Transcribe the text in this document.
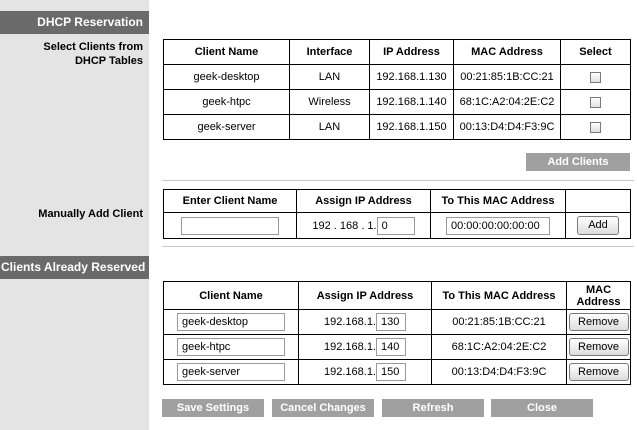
DHCP Reservation
Select Clients from DHCP Tables
Client Name	Interface	IP Address	MAC Address	Select
geek-desktop	LAN	192.168.1.130	00:21:85:1B:CC:21	
geek-htpc	Wireless	192.168.1.140	68:1C:A2:04:2E:C2	
geek-server	LAN	192.168.1.150	00:13:D4:D4:F3:9C	
Add Clients
Manually Add Client
Enter Client Name	Assign IP Address	To This MAC Address	
	192 . 168 . 1. 0	00:00:00:00:00:00	Add
Clients Already Reserved
Client Name	Assign IP Address	To This MAC Address	MAC Address
geek-desktop	192.168.1. 130	00:21:85:1B:CC:21	Remove
geek-htpc	192.168.1. 140	68:1C:A2:04:2E:C2	Remove
geek-server	192.168.1. 150	00:13:D4:D4:F3:9C	Remove
Save Settings	Cancel Changes	Refresh	Close
